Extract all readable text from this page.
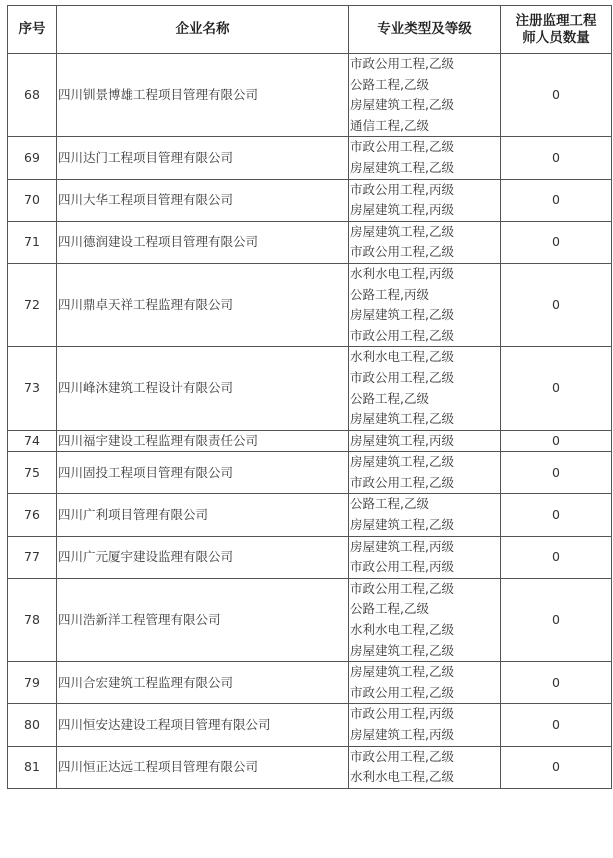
序号	企业名称	专业类型及等级	注册监理工程
师人员数量

68	四川钏景博雄工程项目管理有限公司	市政公用工程,乙级
公路工程,乙级
房屋建筑工程,乙级
通信工程,乙级	0
69	四川达门工程项目管理有限公司	市政公用工程,乙级
房屋建筑工程,乙级	0
70	四川大华工程项目管理有限公司	市政公用工程,丙级
房屋建筑工程,丙级	0
71	四川德润建设工程项目管理有限公司	房屋建筑工程,乙级
市政公用工程,乙级	0
72	四川鼎卓天祥工程监理有限公司	水利水电工程,丙级
公路工程,丙级
房屋建筑工程,乙级
市政公用工程,乙级	0
73	四川峰沐建筑工程设计有限公司	水利水电工程,乙级
市政公用工程,乙级
公路工程,乙级
房屋建筑工程,乙级	0
74	四川福宇建设工程监理有限责任公司	房屋建筑工程,丙级	0
75	四川固投工程项目管理有限公司	房屋建筑工程,乙级
市政公用工程,乙级	0
76	四川广利项目管理有限公司	公路工程,乙级
房屋建筑工程,乙级	0
77	四川广元厦宇建设监理有限公司	房屋建筑工程,丙级
市政公用工程,丙级	0
78	四川浩新洋工程管理有限公司	市政公用工程,乙级
公路工程,乙级
水利水电工程,乙级
房屋建筑工程,乙级	0
79	四川合宏建筑工程监理有限公司	房屋建筑工程,乙级
市政公用工程,乙级	0
80	四川恒安达建设工程项目管理有限公司	市政公用工程,丙级
房屋建筑工程,丙级	0
81	四川恒正达远工程项目管理有限公司	市政公用工程,乙级
水利水电工程,乙级	0
